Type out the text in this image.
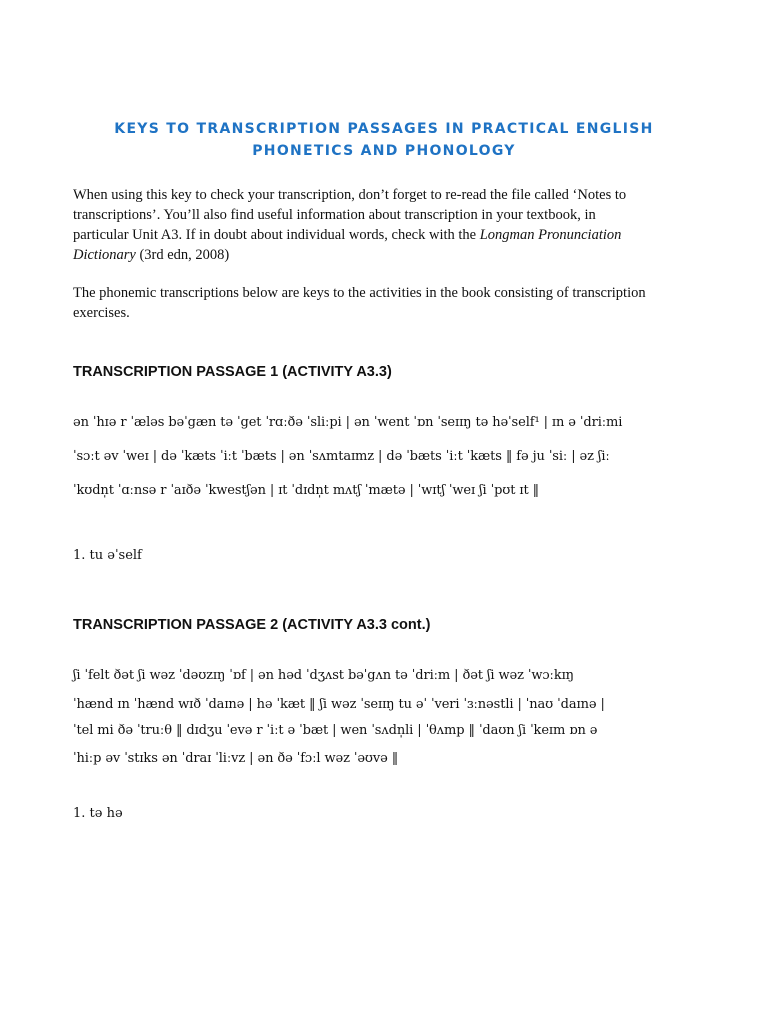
KEYS TO TRANSCRIPTION PASSAGES IN PRACTICAL ENGLISH
PHONETICS AND PHONOLOGY
When using this key to check your transcription, don’t forget to re-read the file called ‘Notes to
transcriptions’. You’ll also find useful information about transcription in your textbook, in
particular Unit A3. If in doubt about individual words, check with the Longman Pronunciation
Dictionary (3rd edn, 2008)
The phonemic transcriptions below are keys to the activities in the book consisting of transcription
exercises.
TRANSCRIPTION PASSAGE 1 (ACTIVITY A3.3)
ən ˈhɪə r ˈæləs bəˈgæn tə ˈget ˈrɑːðə ˈsliːpi | ən ˈwent ˈɒn ˈseɪɪŋ tə həˈself¹ | ɪn ə ˈdriːmi
ˈsɔːt əv ˈweɪ | də ˈkæts ˈiːt ˈbæts | ən ˈsʌmtaɪmz | də ˈbæts ˈiːt ˈkæts ‖ fə ju ˈsiː | əz ʃiː
ˈkʊdn̩t ˈɑːnsə r ˈaɪðə ˈkwestʃən | ɪt ˈdɪdn̩t mʌtʃ ˈmætə | ˈwɪtʃ ˈweɪ ʃi ˈpʊt ɪt ‖
1. tu əˈself
TRANSCRIPTION PASSAGE 2 (ACTIVITY A3.3 cont.)
ʃi ˈfelt ðət ʃi wəz ˈdəʊzɪŋ ˈɒf | ən həd ˈdʒʌst bəˈgʌn tə ˈdriːm | ðət ʃi wəz ˈwɔːkɪŋ
ˈhænd ɪn ˈhænd wɪð ˈdaɪnə | hə ˈkæt ‖ ʃi wəz ˈseɪɪŋ tu əˈ ˈveri ˈɜːnəstli | ˈnaʊ ˈdaɪnə |
ˈtel mi ðə ˈtruːθ ‖ dɪdʒu ˈevə r ˈiːt ə ˈbæt | wen ˈsʌdn̩li | ˈθʌmp ‖ ˈdaʊn ʃi ˈkeɪm ɒn ə
ˈhiːp əv ˈstɪks ən ˈdraɪ ˈliːvz | ən ðə ˈfɔːl wəz ˈəʊvə ‖
1. tə hə
